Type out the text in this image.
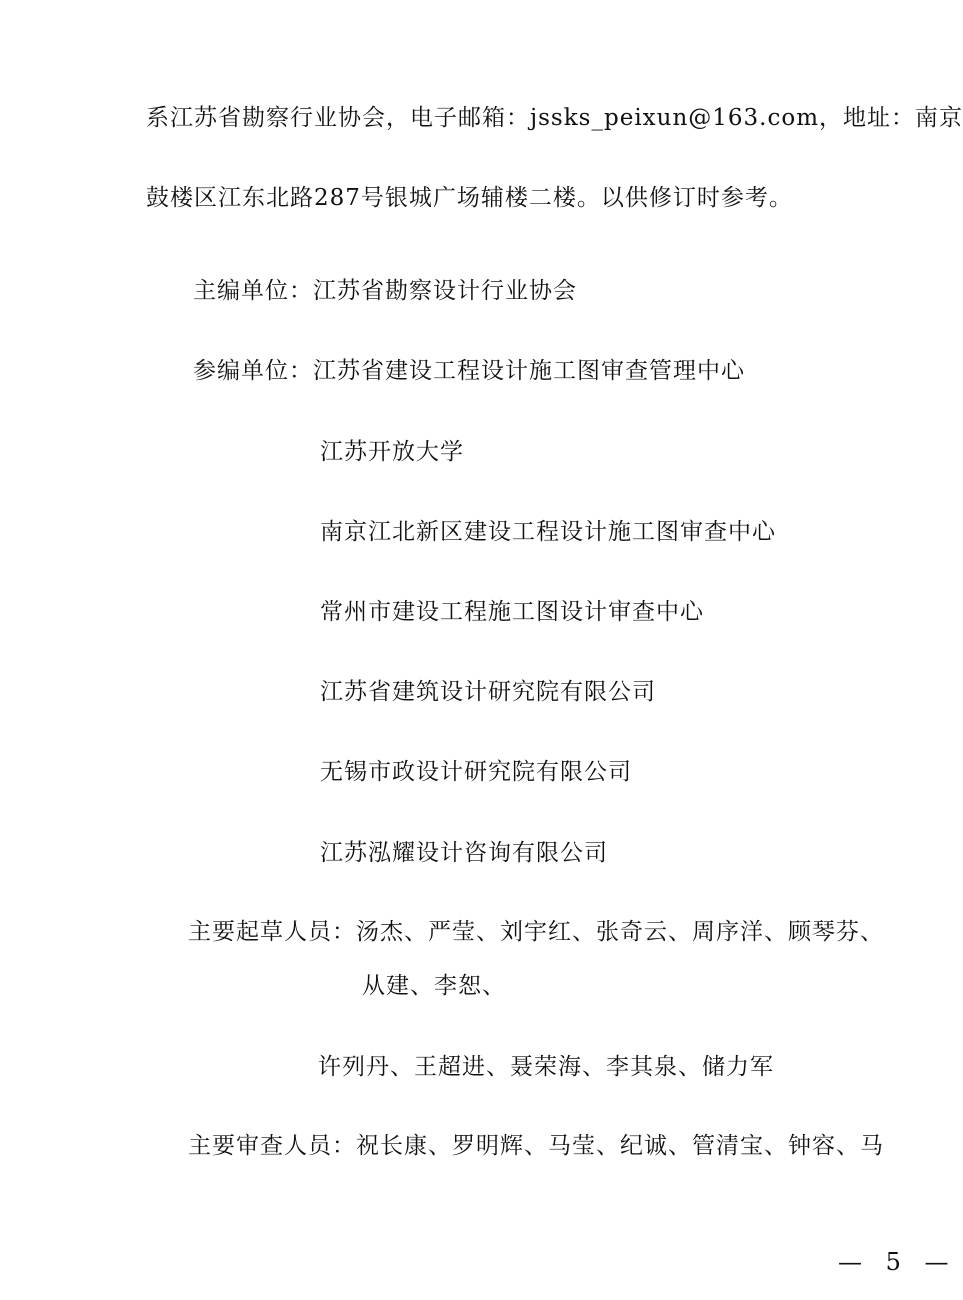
系江苏省勘察行业协会，电子邮箱：jssks_peixun@163.com，地址：南京
鼓楼区江东北路287号银城广场辅楼二楼。以供修订时参考。
主编单位：江苏省勘察设计行业协会
参编单位：江苏省建设工程设计施工图审查管理中心
江苏开放大学
南京江北新区建设工程设计施工图审查中心
常州市建设工程施工图设计审查中心
江苏省建筑设计研究院有限公司
无锡市政设计研究院有限公司
江苏泓耀设计咨询有限公司
主要起草人员：汤杰、严莹、刘宇红、张奇云、周序洋、顾琴芬、
从建、李恕、
许列丹、王超进、聂荣海、李其泉、储力军
主要审查人员：祝长康、罗明辉、马莹、纪诚、管清宝、钟容、马
— 5 —
